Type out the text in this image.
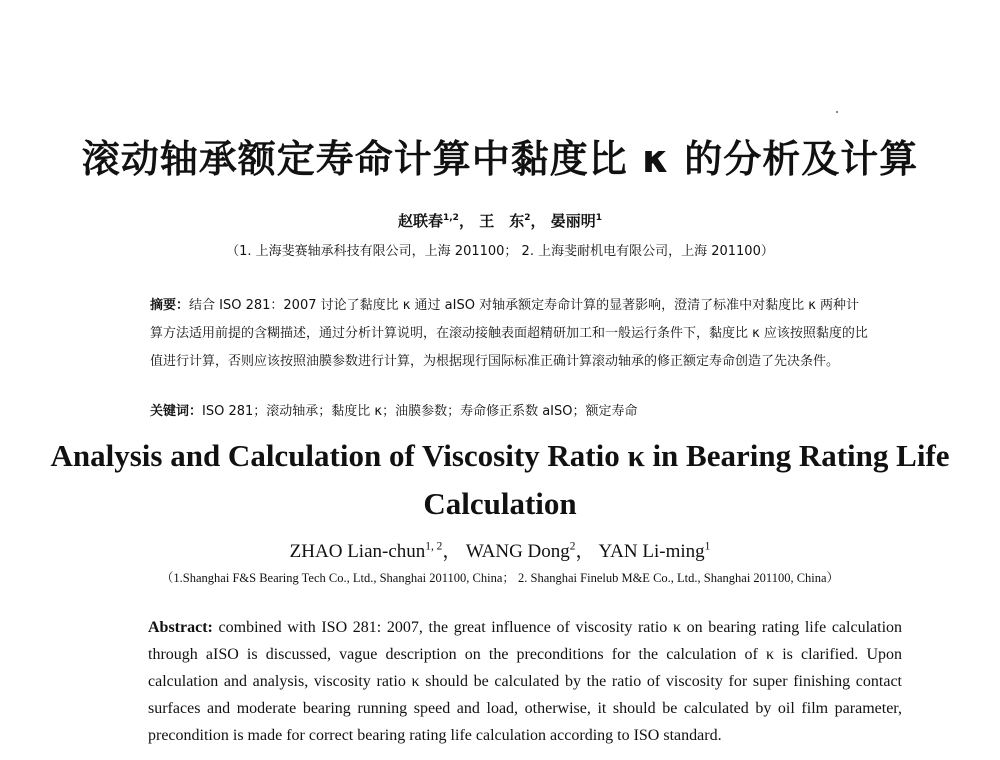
滚动轴承额定寿命计算中黏度比 κ 的分析及计算
赵联春$^{1,2}$， 王　东$^2$， 晏丽明$^1$
（1. 上海斐赛轴承科技有限公司，上海 201100； 2. 上海斐耐机电有限公司，上海 201100）
摘要：结合 ISO 281：2007 讨论了黏度比 κ 通过 aISO 对轴承额定寿命计算的显著影响，澄清了标准中对黏度比 κ 两种计算方法适用前提的含糊描述，通过分析计算说明，在滚动接触表面超精研加工和一般运行条件下，黏度比 κ 应该按照黏度的比值进行计算，否则应该按照油膜参数进行计算，为根据现行国际标准正确计算滚动轴承的修正额定寿命创造了先决条件。
关键词：ISO 281；滚动轴承；黏度比 κ；油膜参数；寿命修正系数 aISO；额定寿命
Analysis and Calculation of Viscosity Ratio κ in Bearing Rating Life Calculation
ZHAO Lian-chun$^{1, 2}$， WANG Dong$^2$， YAN Li-ming$^1$
（1.Shanghai F&S Bearing Tech Co., Ltd., Shanghai 201100, China； 2. Shanghai Finelub M&E Co., Ltd., Shanghai 201100, China）
Abstract: combined with ISO 281: 2007, the great influence of viscosity ratio κ on bearing rating life calculation through aISO is discussed, vague description on the preconditions for the calculation of κ is clarified. Upon calculation and analysis, viscosity ratio κ should be calculated by the ratio of viscosity for super finishing contact surfaces and moderate bearing running speed and load, otherwise, it should be calculated by oil film parameter, precondition is made for correct bearing rating life calculation according to ISO standard.
